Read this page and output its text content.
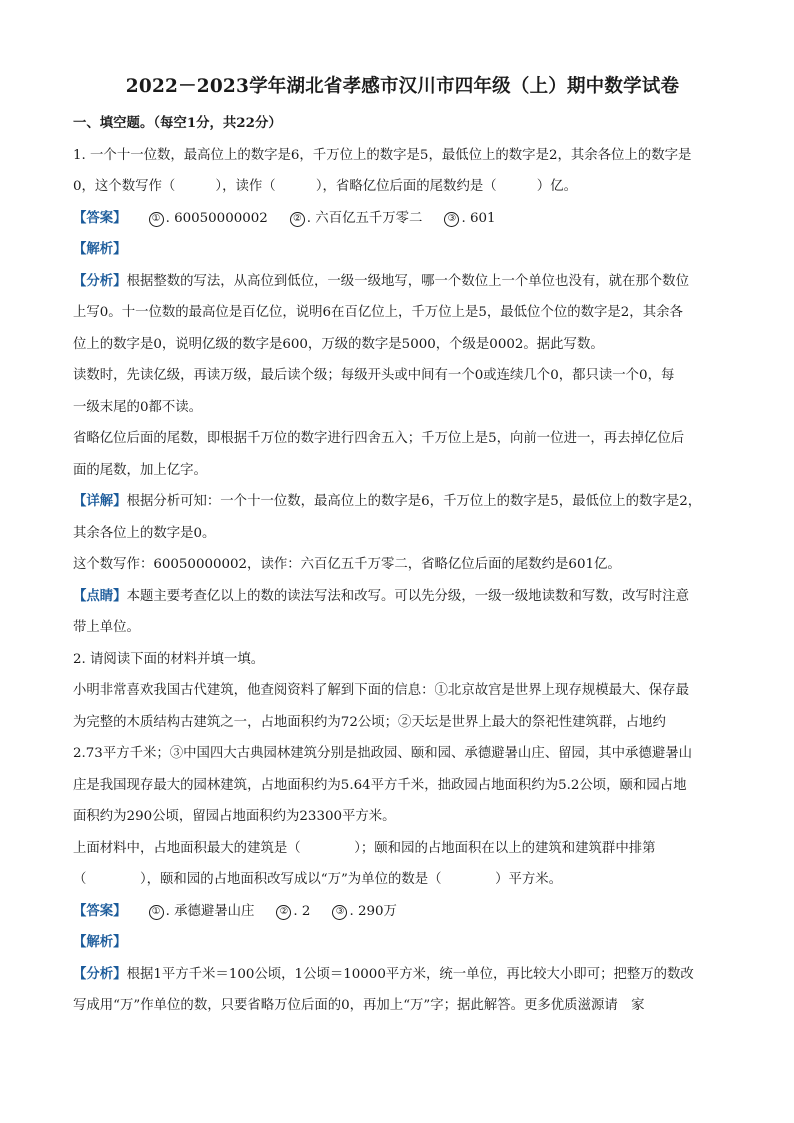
2022－2023学年湖北省孝感市汉川市四年级（上）期中数学试卷

一、填空题。（每空1分，共22分）

1. 一个十一位数，最高位上的数字是6，千万位上的数字是5，最低位上的数字是2，其余各位上的数字是

0，这个数写作（　　　），读作（　　　），省略亿位后面的尾数约是（　　　）亿。

【答案】	① . 60050000002	② . 六百亿五千万零二	③ . 601

【解析】

【分析】根据整数的写法，从高位到低位，一级一级地写，哪一个数位上一个单位也没有，就在那个数位

上写0。十一位数的最高位是百亿位，说明6在百亿位上，千万位上是5，最低位个位的数字是2，其余各

位上的数字是0，说明亿级的数字是600，万级的数字是5000，个级是0002。据此写数。

读数时，先读亿级，再读万级，最后读个级；每级开头或中间有一个0或连续几个0，都只读一个0，每

一级末尾的0都不读。

省略亿位后面的尾数，即根据千万位的数字进行四舍五入；千万位上是5，向前一位进一，再去掉亿位后

面的尾数，加上亿字。

【详解】根据分析可知：一个十一位数，最高位上的数字是6，千万位上的数字是5，最低位上的数字是2，

其余各位上的数字是0。

这个数写作：60050000002，读作：六百亿五千万零二，省略亿位后面的尾数约是601亿。

【点睛】本题主要考查亿以上的数的读法写法和改写。可以先分级，一级一级地读数和写数，改写时注意

带上单位。

2. 请阅读下面的材料并填一填。

小明非常喜欢我国古代建筑，他查阅资料了解到下面的信息：①北京故宫是世界上现存规模最大、保存最

为完整的木质结构古建筑之一，占地面积约为72公顷；②天坛是世界上最大的祭祀性建筑群，占地约

2.73平方千米；③中国四大古典园林建筑分别是拙政园、颐和园、承德避暑山庄、留园，其中承德避暑山

庄是我国现存最大的园林建筑，占地面积约为5.64平方千米，拙政园占地面积约为5.2公顷，颐和园占地

面积约为290公顷，留园占地面积约为23300平方米。

上面材料中，占地面积最大的建筑是（　　　　）；颐和园的占地面积在以上的建筑和建筑群中排第

（　　　　），颐和园的占地面积改写成以“万”为单位的数是（　　　　）平方米。

【答案】	① . 承德避暑山庄	② . 2	③ . 290万

【解析】

【分析】根据1平方千米＝100公顷，1公顷＝10000平方米，统一单位，再比较大小即可；把整万的数改

写成用“万”作单位的数，只要省略万位后面的0，再加上“万”字；据此解答。更多优质滋源请　家
